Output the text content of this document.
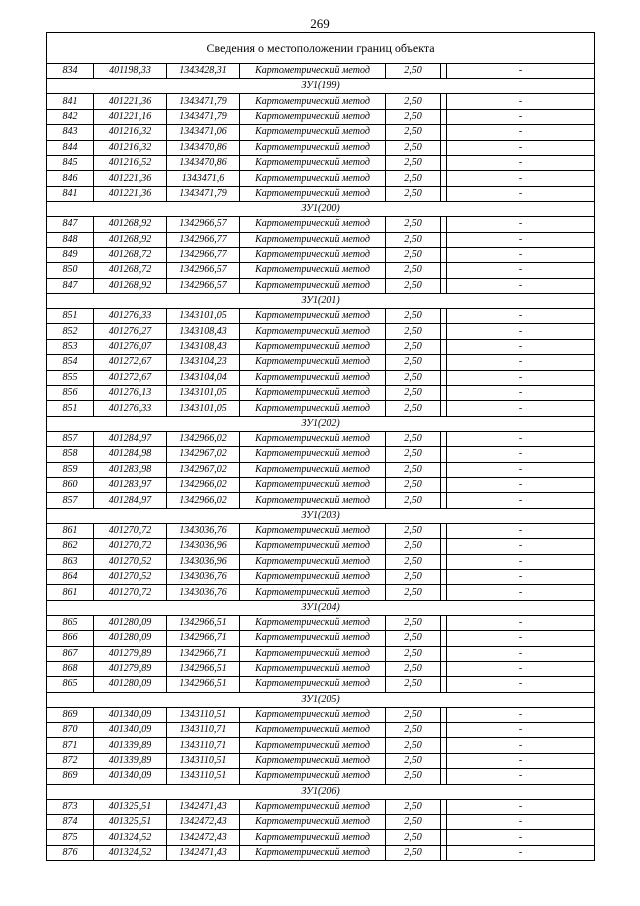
269
Сведения о местоположении границ объекта						
834	401198,33	1343428,31	Картометрический метод	2,50		-
ЗУ1(199)						
841	401221,36	1343471,79	Картометрический метод	2,50		-
842	401221,16	1343471,79	Картометрический метод	2,50		-
843	401216,32	1343471,06	Картометрический метод	2,50		-
844	401216,32	1343470,86	Картометрический метод	2,50		-
845	401216,52	1343470,86	Картометрический метод	2,50		-
846	401221,36	1343471,6	Картометрический метод	2,50		-
841	401221,36	1343471,79	Картометрический метод	2,50		-
ЗУ1(200)						
847	401268,92	1342966,57	Картометрический метод	2,50		-
848	401268,92	1342966,77	Картометрический метод	2,50		-
849	401268,72	1342966,77	Картометрический метод	2,50		-
850	401268,72	1342966,57	Картометрический метод	2,50		-
847	401268,92	1342966,57	Картометрический метод	2,50		-
ЗУ1(201)						
851	401276,33	1343101,05	Картометрический метод	2,50		-
852	401276,27	1343108,43	Картометрический метод	2,50		-
853	401276,07	1343108,43	Картометрический метод	2,50		-
854	401272,67	1343104,23	Картометрический метод	2,50		-
855	401272,67	1343104,04	Картометрический метод	2,50		-
856	401276,13	1343101,05	Картометрический метод	2,50		-
851	401276,33	1343101,05	Картометрический метод	2,50		-
ЗУ1(202)						
857	401284,97	1342966,02	Картометрический метод	2,50		-
858	401284,98	1342967,02	Картометрический метод	2,50		-
859	401283,98	1342967,02	Картометрический метод	2,50		-
860	401283,97	1342966,02	Картометрический метод	2,50		-
857	401284,97	1342966,02	Картометрический метод	2,50		-
ЗУ1(203)						
861	401270,72	1343036,76	Картометрический метод	2,50		-
862	401270,72	1343036,96	Картометрический метод	2,50		-
863	401270,52	1343036,96	Картометрический метод	2,50		-
864	401270,52	1343036,76	Картометрический метод	2,50		-
861	401270,72	1343036,76	Картометрический метод	2,50		-
ЗУ1(204)						
865	401280,09	1342966,51	Картометрический метод	2,50		-
866	401280,09	1342966,71	Картометрический метод	2,50		-
867	401279,89	1342966,71	Картометрический метод	2,50		-
868	401279,89	1342966,51	Картометрический метод	2,50		-
865	401280,09	1342966,51	Картометрический метод	2,50		-
ЗУ1(205)						
869	401340,09	1343110,51	Картометрический метод	2,50		-
870	401340,09	1343110,71	Картометрический метод	2,50		-
871	401339,89	1343110,71	Картометрический метод	2,50		-
872	401339,89	1343110,51	Картометрический метод	2,50		-
869	401340,09	1343110,51	Картометрический метод	2,50		-
ЗУ1(206)						
873	401325,51	1342471,43	Картометрический метод	2,50		-
874	401325,51	1342472,43	Картометрический метод	2,50		-
875	401324,52	1342472,43	Картометрический метод	2,50		-
876	401324,52	1342471,43	Картометрический метод	2,50		-
